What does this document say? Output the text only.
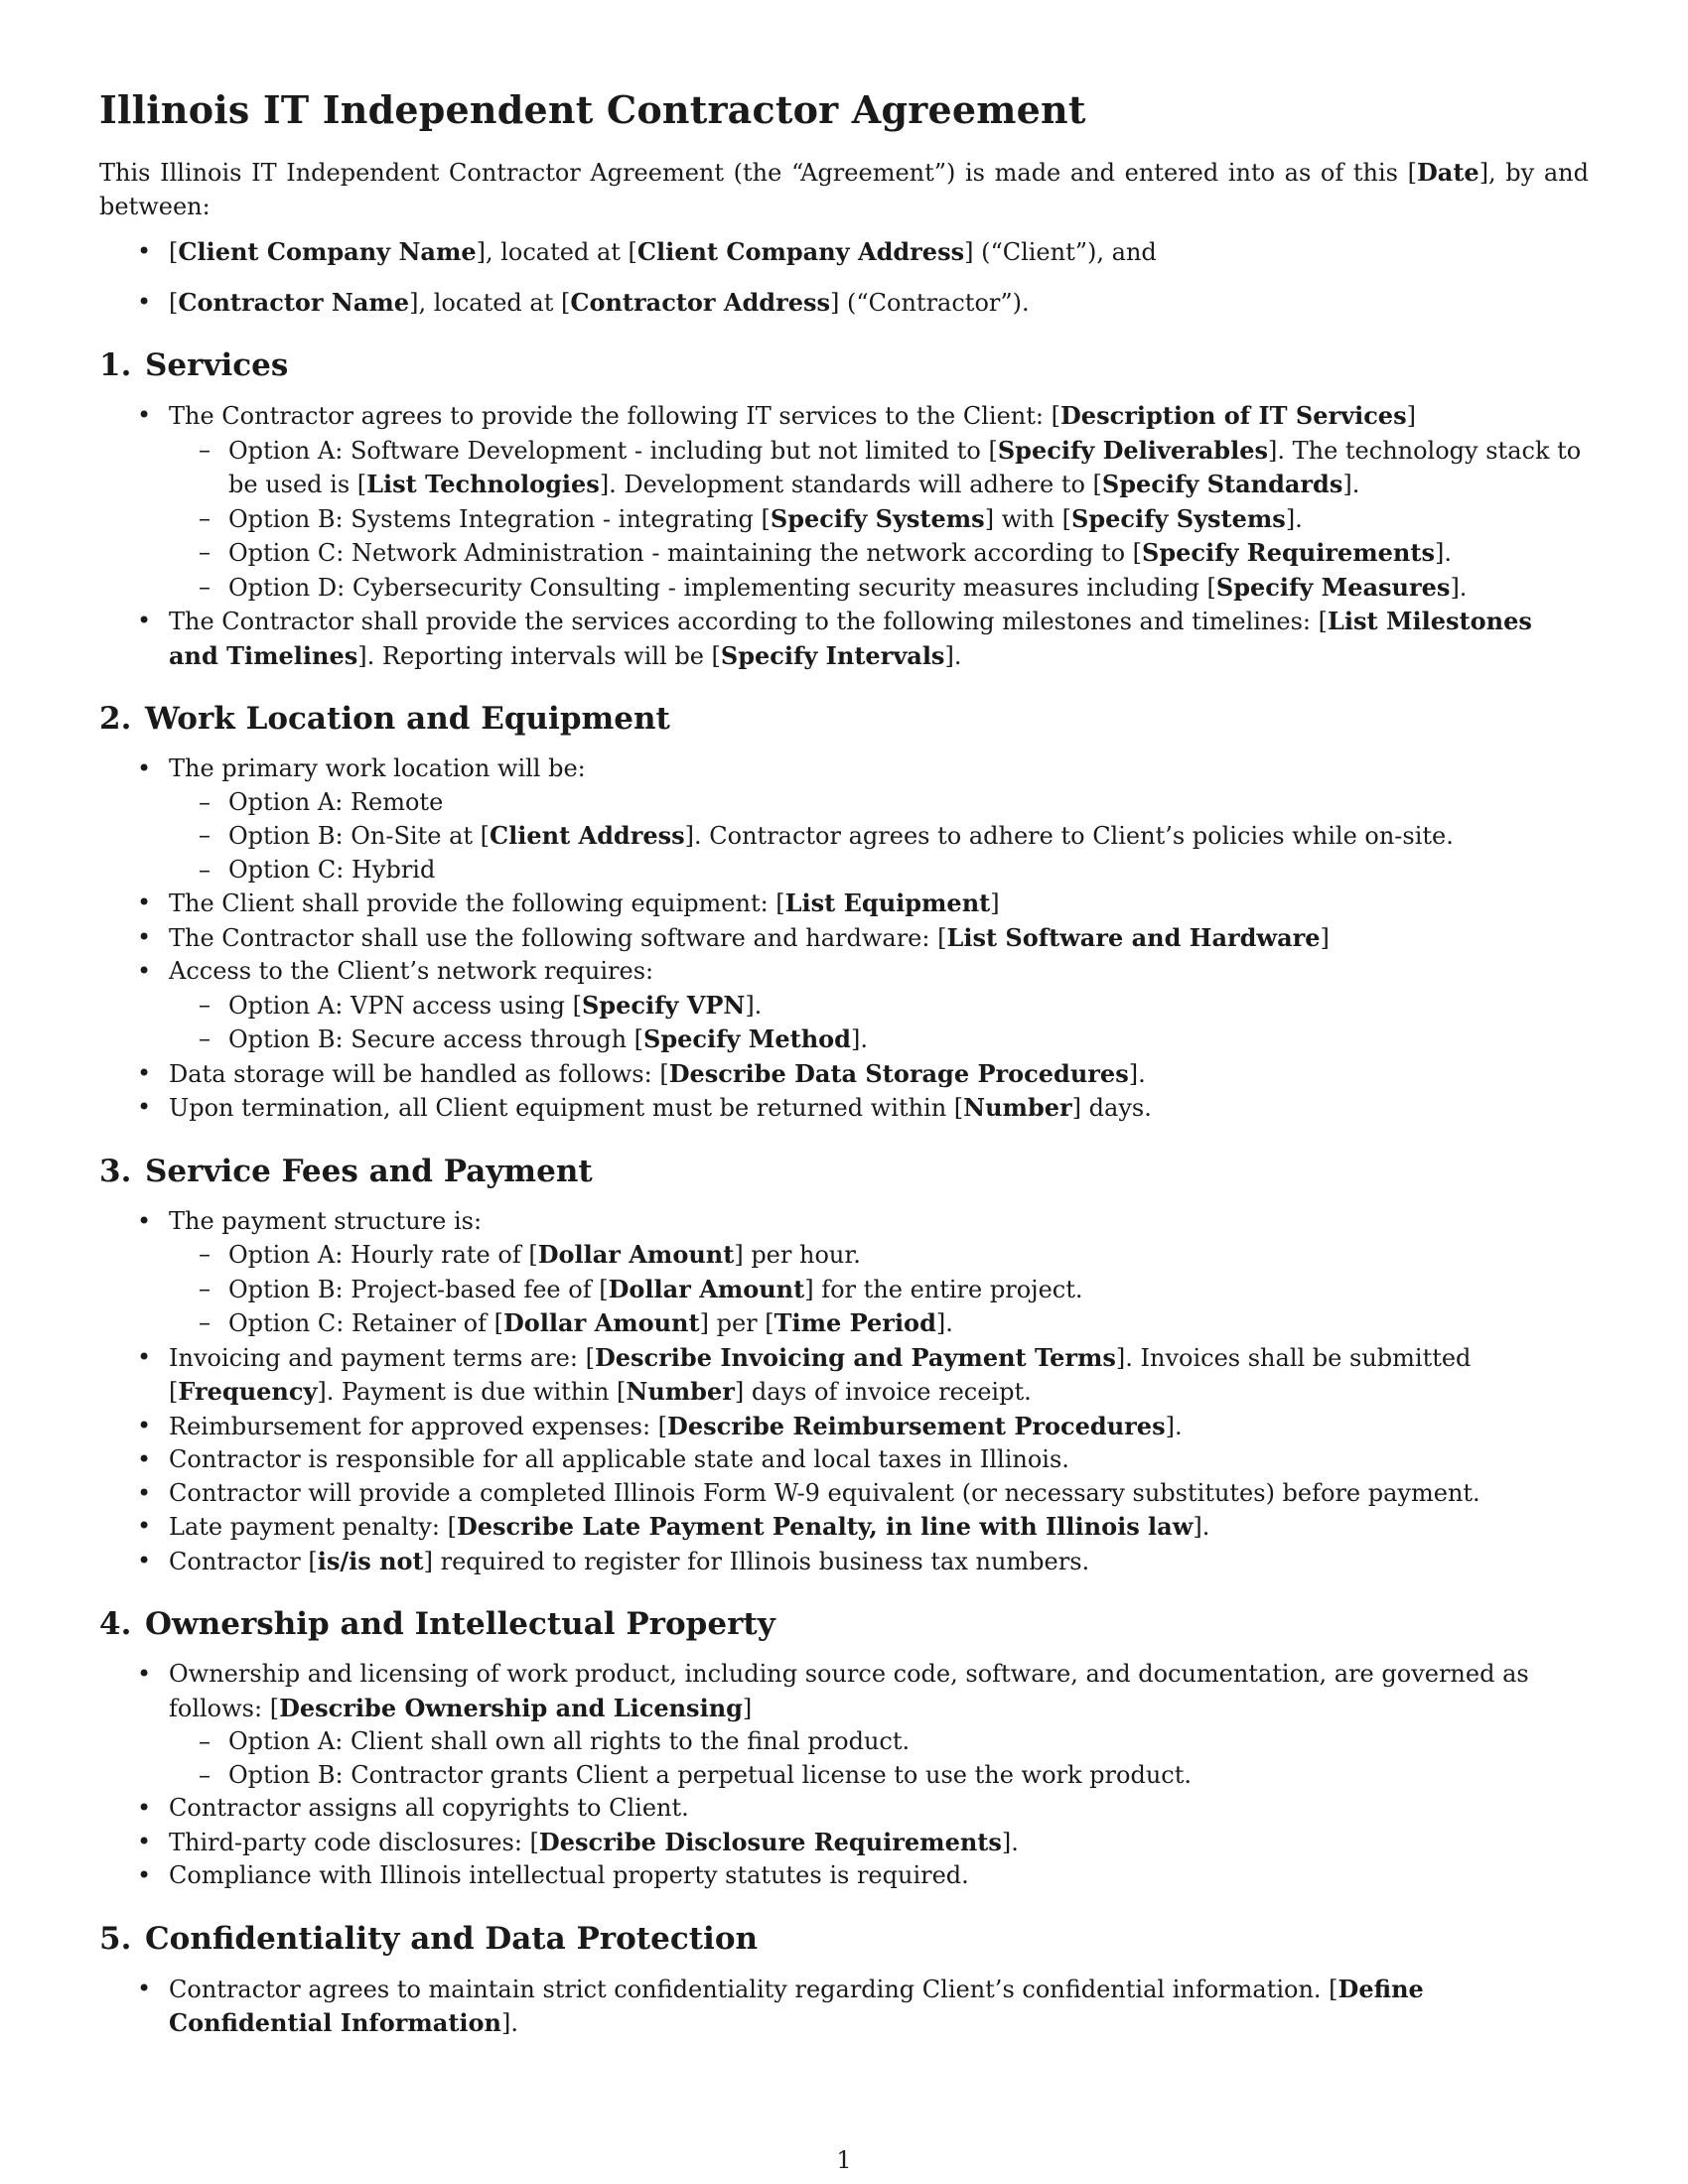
Illinois IT Independent Contractor Agreement

This Illinois IT Independent Contractor Agreement (the “Agreement”) is made and entered into as of this [Date], by and between:

• [Client Company Name], located at [Client Company Address] (“Client”), and
• [Contractor Name], located at [Contractor Address] (“Contractor”).
1. Services
• The Contractor agrees to provide the following IT services to the Client: [Description of IT Services]
– Option A: Software Development - including but not limited to [Specify Deliverables]. The technology stack to be used is [List Technologies]. Development standards will adhere to [Specify Standards].
– Option B: Systems Integration - integrating [Specify Systems] with [Specify Systems].
– Option C: Network Administration - maintaining the network according to [Specify Requirements].
– Option D: Cybersecurity Consulting - implementing security measures including [Specify Measures].
• The Contractor shall provide the services according to the following milestones and timelines: [List Milestones and Timelines]. Reporting intervals will be [Specify Intervals].
2. Work Location and Equipment
• The primary work location will be:
– Option A: Remote
– Option B: On-Site at [Client Address]. Contractor agrees to adhere to Client’s policies while on-site.
– Option C: Hybrid
• The Client shall provide the following equipment: [List Equipment]
• The Contractor shall use the following software and hardware: [List Software and Hardware]
• Access to the Client’s network requires:
– Option A: VPN access using [Specify VPN].
– Option B: Secure access through [Specify Method].
• Data storage will be handled as follows: [Describe Data Storage Procedures].
• Upon termination, all Client equipment must be returned within [Number] days.
3. Service Fees and Payment
• The payment structure is:
– Option A: Hourly rate of [Dollar Amount] per hour.
– Option B: Project-based fee of [Dollar Amount] for the entire project.
– Option C: Retainer of [Dollar Amount] per [Time Period].
• Invoicing and payment terms are: [Describe Invoicing and Payment Terms]. Invoices shall be submitted [Frequency]. Payment is due within [Number] days of invoice receipt.
• Reimbursement for approved expenses: [Describe Reimbursement Procedures].
• Contractor is responsible for all applicable state and local taxes in Illinois.
• Contractor will provide a completed Illinois Form W-9 equivalent (or necessary substitutes) before payment.
• Late payment penalty: [Describe Late Payment Penalty, in line with Illinois law].
• Contractor [is/is not] required to register for Illinois business tax numbers.
4. Ownership and Intellectual Property
• Ownership and licensing of work product, including source code, software, and documentation, are governed as follows: [Describe Ownership and Licensing]
– Option A: Client shall own all rights to the final product.
– Option B: Contractor grants Client a perpetual license to use the work product.
• Contractor assigns all copyrights to Client.
• Third-party code disclosures: [Describe Disclosure Requirements].
• Compliance with Illinois intellectual property statutes is required.
5. Confidentiality and Data Protection
• Contractor agrees to maintain strict confidentiality regarding Client’s confidential information. [Define Confidential Information].
1
